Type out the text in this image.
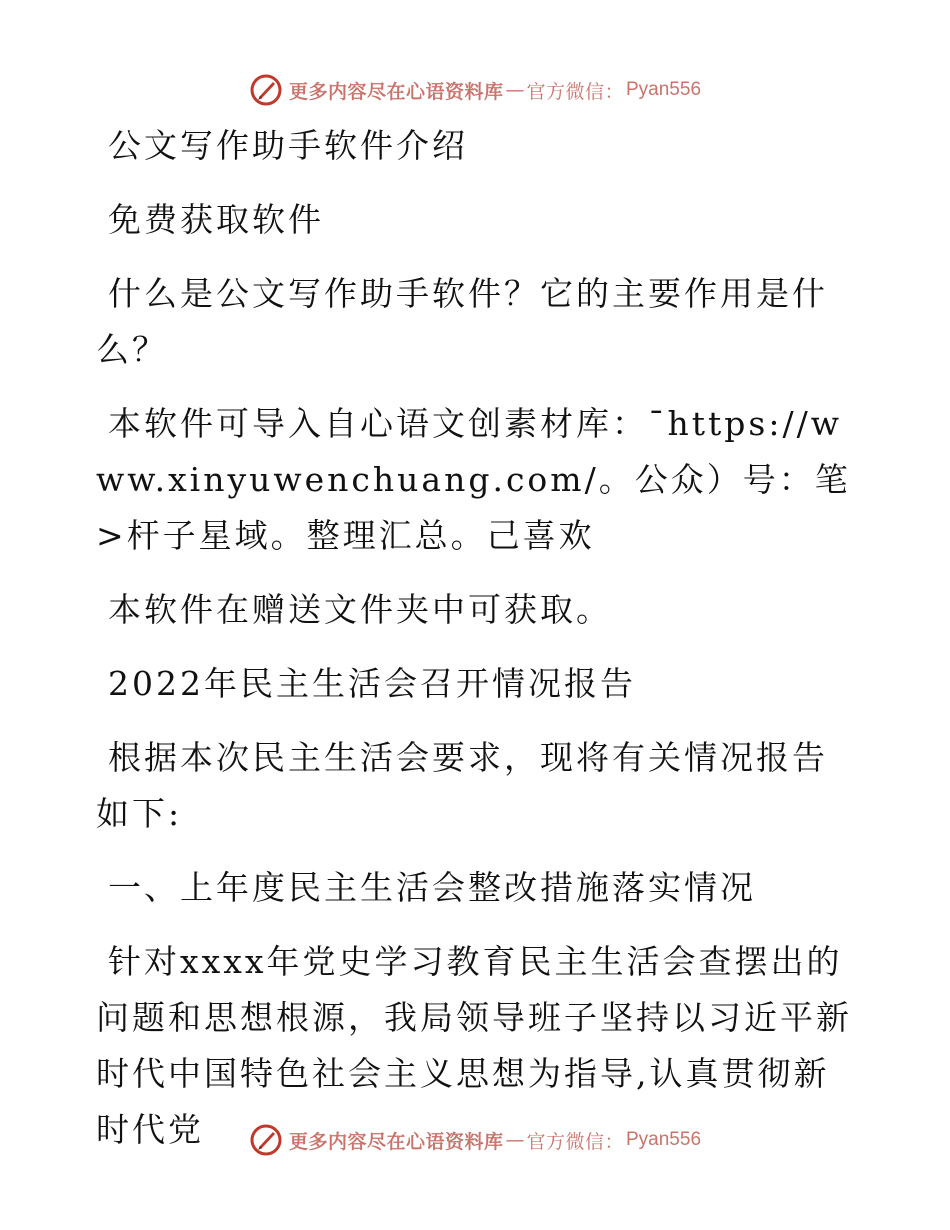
更多内容尽在心语资料库 — 官方微信： Pyan556

公文写作助手软件介绍

免费获取软件

什么是公文写作助手软件？它的主要作用是什么？

本软件可导入自心语文创素材库：¯https://www.xinyuwenchuang.com/。公众）号：笔>杆子星域。整理汇总。己喜欢

本软件在赠送文件夹中可获取。

2022年民主生活会召开情况报告

根据本次民主生活会要求，现将有关情况报告如下:

一、上年度民主生活会整改措施落实情况

针对xxxx年党史学习教育民主生活会查摆出的问题和思想根源，我局领导班子坚持以习近平新时代中国特色社会主义思想为指导,认真贯彻新时代党	更多内容尽在心语资料库 — 官方微信： Pyan556
